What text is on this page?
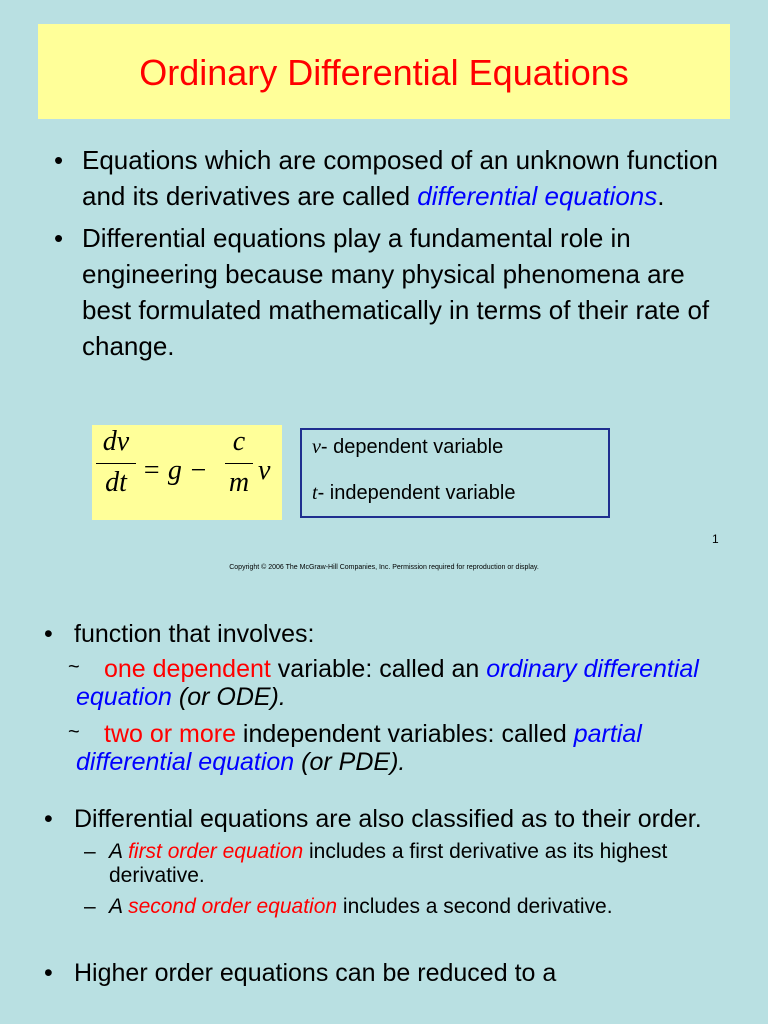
Ordinary Differential Equations
• Equations which are composed of an unknown function and its derivatives are called differential equations.
• Differential equations play a fundamental role in engineering because many physical phenomena are best formulated mathematically in terms of their rate of change.
dv
dt = g −
c
m v
v- dependent variable
t- independent variable
1
Copyright © 2006 The McGraw-Hill Companies, Inc. Permission required for reproduction or display.
• function that involves:
~ one dependent variable: called an ordinary differential equation (or ODE).
~ two or more independent variables: called partial differential equation (or PDE).
• Differential equations are also classified as to their order.
– A first order equation includes a first derivative as its highest derivative.
– A second order equation includes a second derivative.
• Higher order equations can be reduced to a
